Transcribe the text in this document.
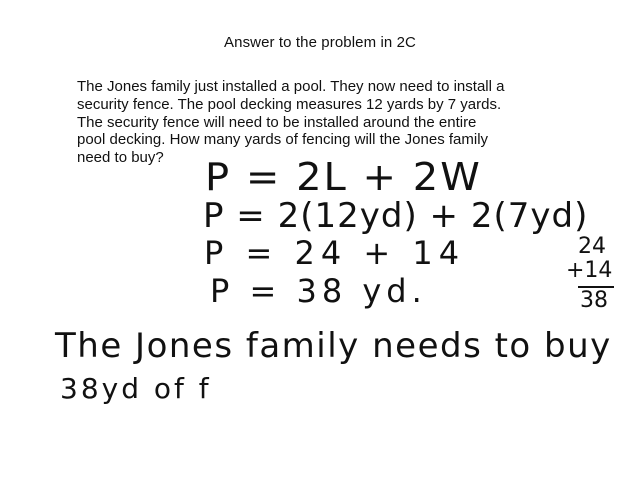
Answer to the problem in 2C
The Jones family just installed a pool. They now need to install a
security fence. The pool decking measures 12 yards by 7 yards.
The security fence will need to be installed around the entire
pool decking. How many yards of fencing will the Jones family
need to buy?	P = 2L + 2W
P = 2(12yd) + 2(7yd)
P = 24 + 14
P = 38 yd.
24
+14
38
The Jones family needs to buy
38yd of f
